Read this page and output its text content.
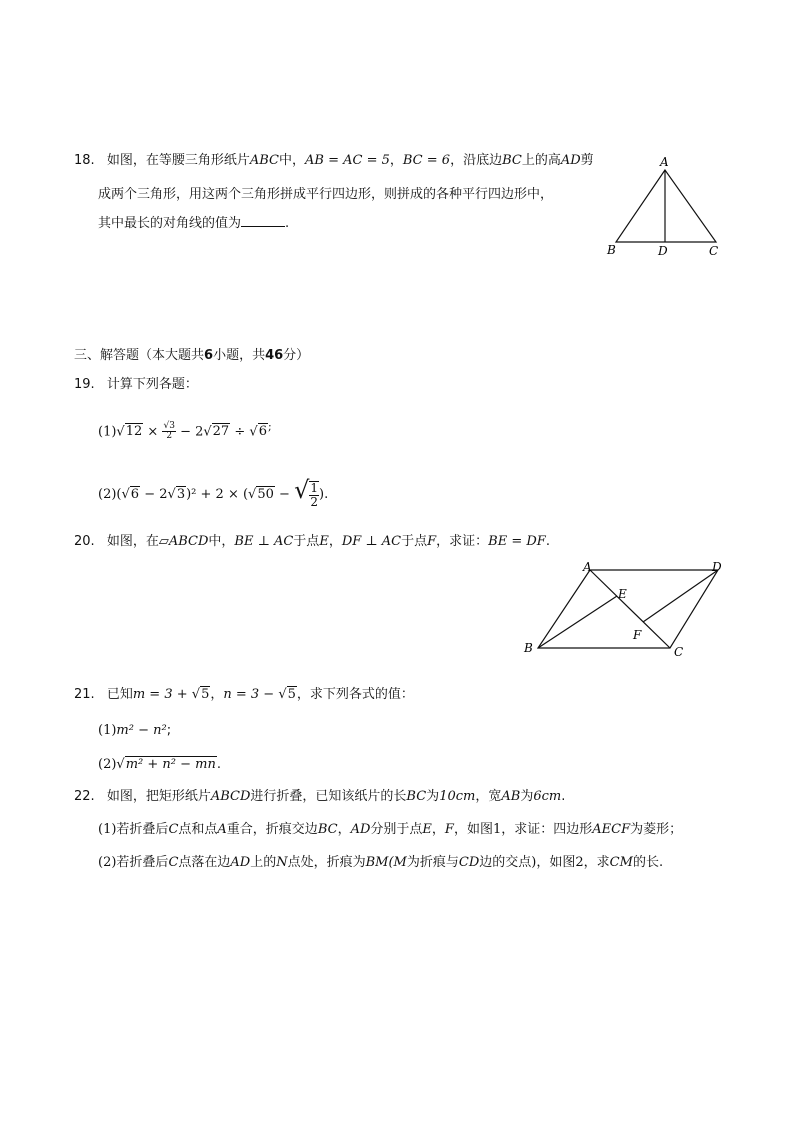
18. 如图，在等腰三角形纸片ABC中，AB = AC = 5，BC = 6，沿底边BC上的高AD剪
成两个三角形，用这两个三角形拼成平行四边形，则拼成的各种平行四边形中，
其中最长的对角线的值为	.
A
B	D	C
三、解答题（本大题共6小题，共46分）
19. 计算下列各题：
$(1)√12 \times \frac{√3}{2} - 2√27 \div √6^;$
(2)(√6 − 2√3)² + 2 × (√50 − √ $\frac{1}{2}$ ).
20. 如图，在▱ABCD中，BE ⊥ AC于点E，DF ⊥ AC于点F，求证：BE = DF.
A	D
E
F
B	C
21. 已知m = 3 + √5，n = 3 − √5，求下列各式的值：
(1)m² − n²;
(2)√m² + n² − mn.
22. 如图，把矩形纸片ABCD进行折叠，已知该纸片的长BC为10cm，宽AB为6cm.
(1)若折叠后C点和点A重合，折痕交边BC，AD分别于点E，F，如图1，求证：四边形AECF为菱形；
(2)若折叠后C点落在边AD上的N点处，折痕为BM(M为折痕与CD边的交点)，如图2，求CM的长.
